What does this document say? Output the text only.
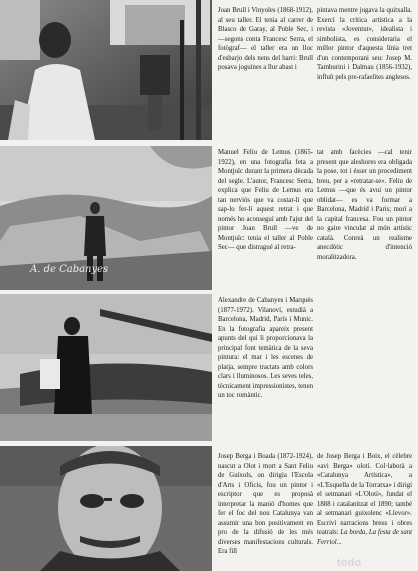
Joan Brull i Vinyoles (1868-1912), al seu taller. El tenia al carrer de Blasco de Garay, al Poble Sec, i —segons conta Francesc Serra, el fotògraf— el taller era un lloc d'esbarjo dels nens del barri: Brull posava joguines a llur abast i
pintava mentre jugava la quitxalla. Exercí la crítica artística a la revista «Joventut», idealista i simbolista, es consideraria el millor pintor d'aquesta línia tret d'un contemporani seu: Josep M. Tamburini i Dalmau (1856-1932), influït pels pre-rafaelites anglesos.
Manuel Feliu de Lemus (1865-1922), en una fotografia feta a Montjuïc durant la primera dècada del segle. L'autor, Francesc Serra, explica que Feliu de Lemus era tan nerviós que va costar-li que sap-lo fer-li aquest retrat i que només ho aconseguí amb l'ajut del pintor Joan Brull —ve de Montjuïc: tenia el taller al Poble Sec— que distragué al retra-
tat amb facècies —cal tenir present que aleshores era obligada la pose, tot i ésser un procediment breu, per a «retratar-se». Feliu de Lemus —que és avui un pintor oblidat— es va formar a Barcelona, Madrid i París; morí a la capital francesa. Fou un pintor no gaire vinculat al món artístic català. Conreà un realisme anecdòtic d'intenció moralitzadora.
A. de Cabanyes
Alexandre de Cabanyes i Marquès (1877-1972). Vilanoví, estudià a Barcelona, Madrid, París i Munic. En la fotografia apareix present apunts del qui li proporcionava la principal font temàtica de la seva pintura: el mar i les escenes de platja, sempre tractats amb colors clars i lluminosos. Les seves teles, tècnicament impressionistes, tenen un toc romàntic.
Josep Berga i Boada (1872-1924), nascut a Olot i mort a Sant Feliu de Guíxols, on dirigia l'Escola d'Arts i Oficis, fou un pintor i escriptor que es proposà interpretar la manió d'homes que fer el foc del nou Catalunya van assumir una bon positivament en pro de la difusió de les més diverses manifestacions culturals. Era fill
de Josep Berga i Boix, el cèlebre «avi Berga» olotí. Col·laborà a «Catalunya Artística», a «L'Esquella de la Torratxa» i dirigí el setmanari «L'Olotí», fundat el 1888 i catalanitzat el 1890; també al setmanari guixolenc «Llevor». Escriví narracions breus i obres teatrals: La borda, La festa de sant Ferriol...
todocoleccion
